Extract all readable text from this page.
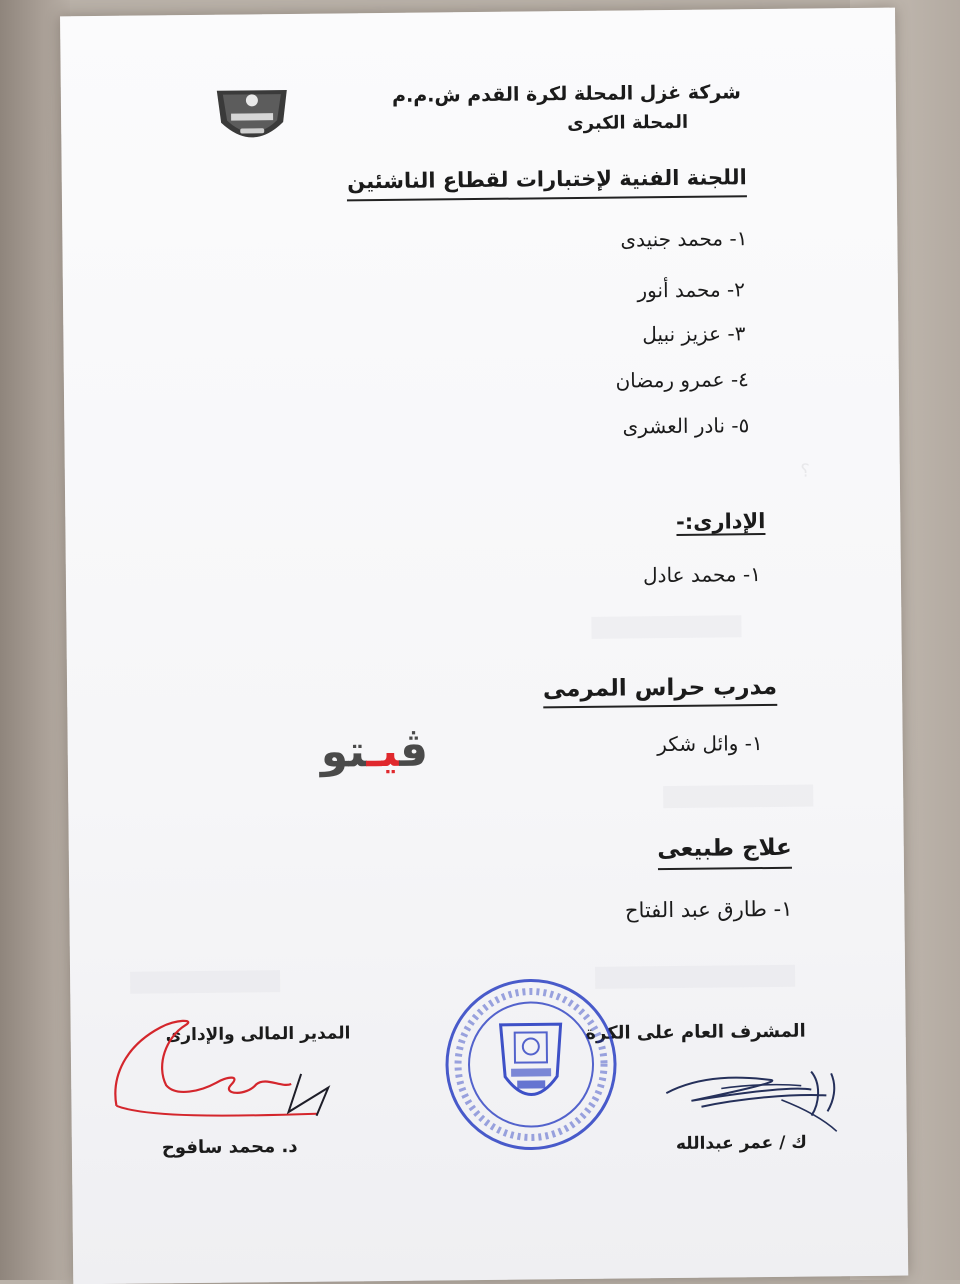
شركة غزل المحلة لكرة القدم ش.م.م
المحلة الكبرى
اللجنة الفنية لإختبارات لقطاع الناشئين
١- محمد جنيدى
٢- محمد أنور
٣- عزيز نبيل
٤- عمرو رمضان
٥- نادر العشرى
؟
الإدارى:-
١- محمد عادل
مدرب حراس المرمى
١- وائل شكر
علاج طبيعى
١- طارق عبد الفتاح
ڤيـتو
المشرف العام على الكرة
ك / عمر عبدالله
المدير المالى والإدارى
د. محمد سافوح
